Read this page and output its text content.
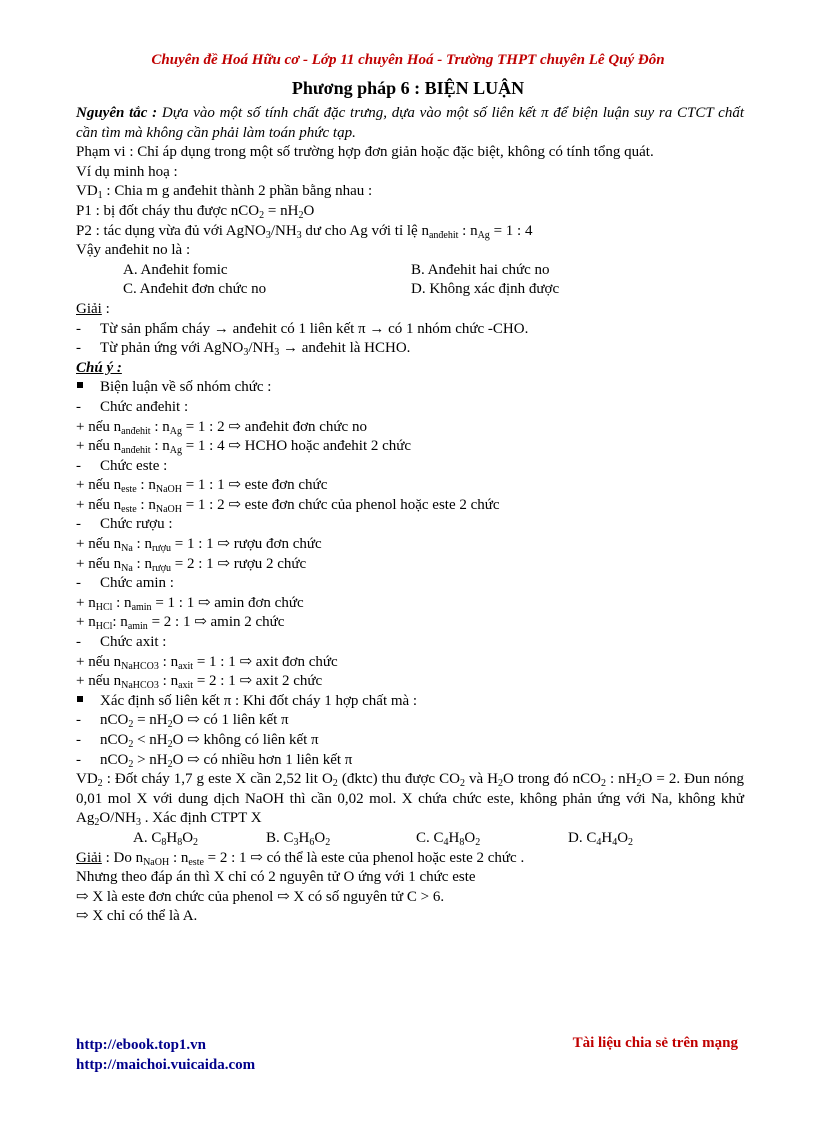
Chuyên đề Hoá Hữu cơ - Lớp 11 chuyên Hoá - Trường THPT chuyên Lê Quý Đôn
Phương pháp 6 : BIỆN LUẬN

Nguyên tắc : Dựa vào một số tính chất đặc trưng, dựa vào một số liên kết π để biện luận suy ra CTCT chất cần tìm mà không cần phải làm toán phức tạp.

Phạm vi : Chỉ áp dụng trong một số trường hợp đơn giản hoặc đặc biệt, không có tính tổng quát.

Ví dụ minh hoạ :

$VD_1$ : Chia m g anđehit thành 2 phần bằng nhau :

P1 : bị đốt cháy thu được $nCO_2 = nH_2O$

P2 : tác dụng vừa đủ với $AgNO_3/NH_3$ dư cho Ag với tỉ lệ $n_{anđehit}$ : $n_{Ag} = 1$ : 4

Vậy anđehit no là :

A. Anđehit fomic	B. Anđehit hai chức no
C. Anđehit đơn chức no	D. Không xác định được

Giải :

-	Từ sản phẩm cháy → anđehit có 1 liên kết π → có 1 nhóm chức -CHO.
-	Từ phản ứng với $AgNO_3/NH_3$ → anđehit là HCHO.

Chú ý :

Biện luận về số nhóm chức :
-	Chức anđehit :

+ nếu $n_{anđehit}$ : $n_{Ag} = 1$ : 2 ⇨ anđehit đơn chức no

+ nếu $n_{anđehit}$ : $n_{Ag} = 1$ : 4 ⇨ HCHO hoặc anđehit 2 chức

-	Chức este :

+ nếu $n_{este}$ : $n_{NaOH} = 1$ : 1 ⇨ este đơn chức

+ nếu $n_{este}$ : $n_{NaOH} = 1$ : 2 ⇨ este đơn chức của phenol hoặc este 2 chức

-	Chức rượu :

+ nếu $n_{Na}$ : $n_{rượu} = 1$ : 1 ⇨ rượu đơn chức

+ nếu $n_{Na}$ : $n_{rượu} = 2$ : 1 ⇨ rượu 2 chức

-	Chức amin :

+ $n_{HCl}$ : $n_{amin} = 1$ : 1 ⇨ amin đơn chức

+ $n_{HCl}$: $n_{amin} = 2$ : 1 ⇨ amin 2 chức

-	Chức axit :

+ nếu $n_{NaHCO3}$ : $n_{axit} = 1$ : 1 ⇨ axit đơn chức

+ nếu $n_{NaHCO3}$ : $n_{axit} = 2$ : 1 ⇨ axit 2 chức

Xác định số liên kết π : Khi đốt cháy 1 hợp chất mà :
-	$nCO_2 = nH_2O$ ⇨ có 1 liên kết π
-	$nCO_2 < nH_2O$ ⇨ không có liên kết π
-	$nCO_2 > nH_2O$ ⇨ có nhiều hơn 1 liên kết π

$VD_2$ : Đốt cháy 1,7 g este X cần 2,52 lit $O_2$ (đktc) thu được $CO_2$ và $H_2O$ trong đó nCO$_2$ : $nH_2O = 2$. Đun nóng 0,01 mol X với dung dịch NaOH thì cần 0,02 mol. X chứa chức este, không phản ứng với Na, không khử $Ag_2O/NH_3$ . Xác định CTPT X

A. $C_8H_8O_2$	B. $C_3H_6O_2$	C. $C_4H_8O_2$	D. $C_4H_4O_2$

Giải : Do $n_{NaOH}$ : $n_{este} = 2$ : 1 ⇨ có thể là este của phenol hoặc este 2 chức .

Nhưng theo đáp án thì X chỉ có 2 nguyên tử O ứng với 1 chức este

⇨ X là este đơn chức của phenol ⇨ X có số nguyên tử C > 6.

⇨ X chỉ có thể là A.

http://ebook.top1.vn
http://maichoi.vuicaida.com
Tài liệu chia sẻ trên mạng
